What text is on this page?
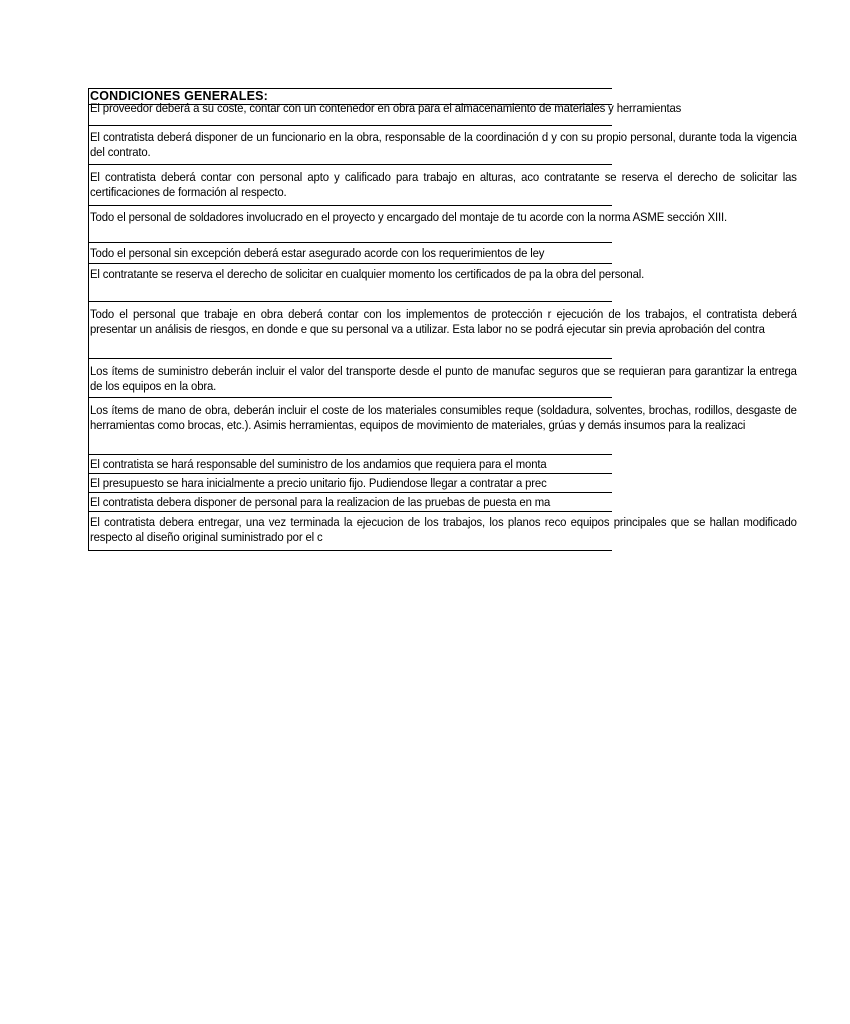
CONDICIONES GENERALES:
El proveedor deberá a su coste, contar con un contenedor en obra para el almacenamiento de materiales y herramientas
El contratista deberá disponer de un funcionario en la obra, responsable de la coordinación d y con su propio personal, durante toda la vigencia del contrato.
El contratista deberá contar con personal apto y calificado para trabajo en alturas, aco contratante se reserva el derecho de solicitar las certificaciones de formación al respecto.
Todo el personal de soldadores involucrado en el proyecto y encargado del montaje de tu acorde con la norma ASME sección XIII.
Todo el personal sin excepción deberá estar asegurado acorde con los requerimientos de ley
El contratante se reserva el derecho de solicitar en cualquier momento los certificados de pa la obra del personal.
Todo el personal que trabaje en obra deberá contar con los implementos de protección r ejecución de los trabajos, el contratista deberá presentar un análisis de riesgos, en donde e que su personal va a utilizar. Esta labor no se podrá ejecutar sin previa aprobación del contra
Los ítems de suministro deberán incluir el valor del transporte desde el punto de manufac seguros que se requieran para garantizar la entrega de los equipos en la obra.
Los ítems de mano de obra, deberán incluir el coste de los materiales consumibles reque (soldadura, solventes, brochas, rodillos, desgaste de herramientas como brocas, etc.). Asimis herramientas, equipos de movimiento de materiales, grúas y demás insumos para la realizaci
El contratista se hará responsable del suministro de los andamios que requiera para el monta
El presupuesto se hara inicialmente a precio unitario fijo. Pudiendose llegar a contratar a prec
El contratista debera disponer de personal para la realizacion de las pruebas de puesta en ma
El contratista debera entregar, una vez terminada la ejecucion de los trabajos, los planos reco equipos principales que se hallan modificado respecto al diseño original suministrado por el c
